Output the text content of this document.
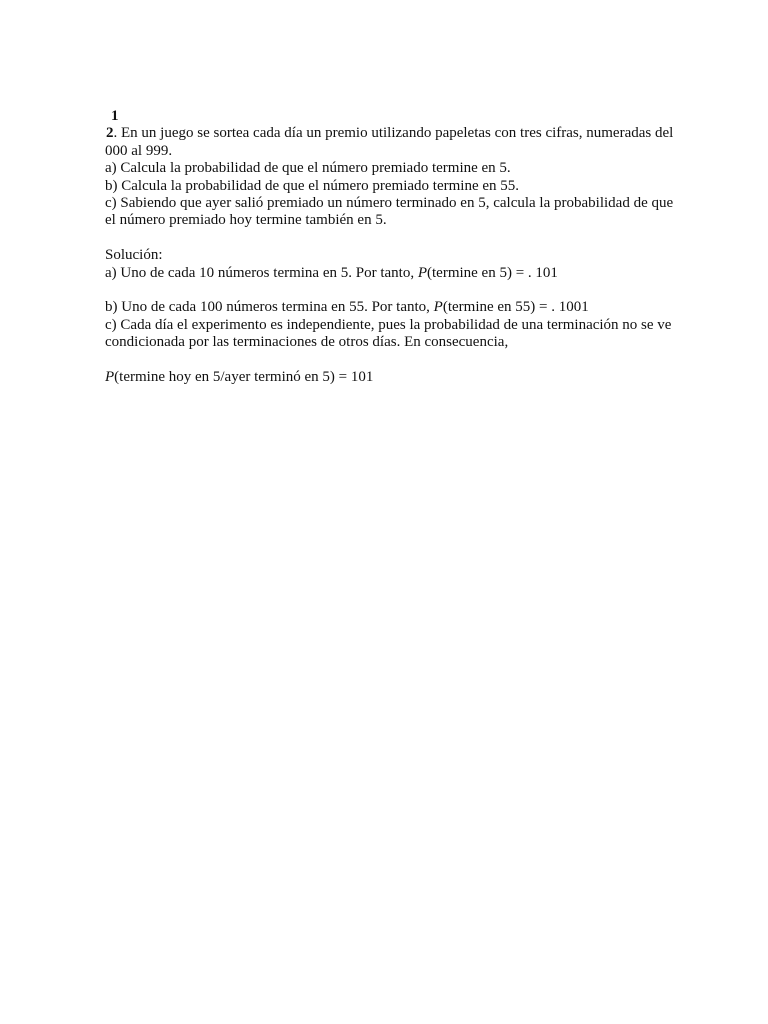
1
2. En un juego se sortea cada día un premio utilizando papeletas con tres cifras, numeradas del
000 al 999.
a) Calcula la probabilidad de que el número premiado termine en 5.
b) Calcula la probabilidad de que el número premiado termine en 55.
c) Sabiendo que ayer salió premiado un número terminado en 5, calcula la probabilidad de que
el número premiado hoy termine también en 5.
Solución:
a) Uno de cada 10 números termina en 5. Por tanto, P(termine en 5) = . 101
b) Uno de cada 100 números termina en 55. Por tanto, P(termine en 55) = . 1001
c) Cada día el experimento es independiente, pues la probabilidad de una terminación no se ve
condicionada por las terminaciones de otros días. En consecuencia,
P(termine hoy en 5/ayer terminó en 5) = 101
